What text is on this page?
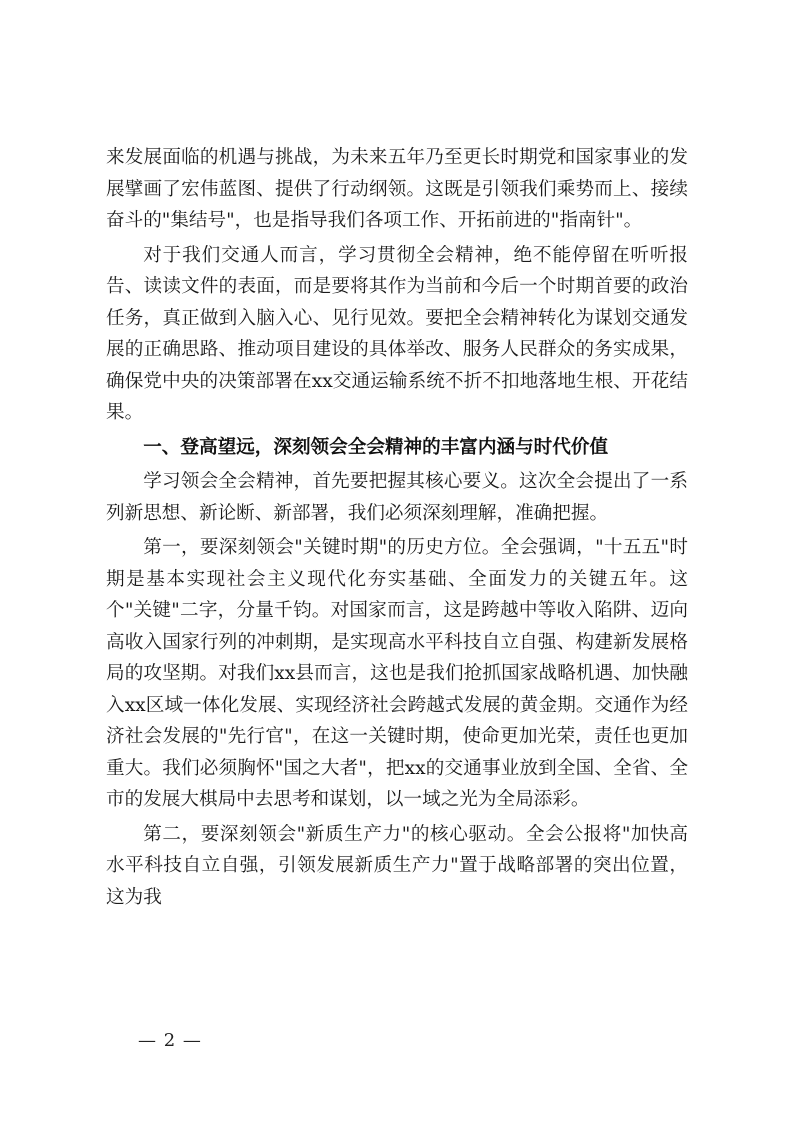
来发展面临的机遇与挑战，为未来五年乃至更长时期党和国家事业的发展擘画了宏伟蓝图、提供了行动纲领。这既是引领我们乘势而上、接续奋斗的"集结号"，也是指导我们各项工作、开拓前进的"指南针"。

对于我们交通人而言，学习贯彻全会精神，绝不能停留在听听报告、读读文件的表面，而是要将其作为当前和今后一个时期首要的政治任务，真正做到入脑入心、见行见效。要把全会精神转化为谋划交通发展的正确思路、推动项目建设的具体举改、服务人民群众的务实成果，确保党中央的决策部署在xx交通运输系统不折不扣地落地生根、开花结果。

一、登高望远，深刻领会全会精神的丰富内涵与时代价值

学习领会全会精神，首先要把握其核心要义。这次全会提出了一系列新思想、新论断、新部署，我们必须深刻理解，准确把握。

第一，要深刻领会"关键时期"的历史方位。全会强调，"十五五"时期是基本实现社会主义现代化夯实基础、全面发力的关键五年。这个"关键"二字，分量千钧。对国家而言，这是跨越中等收入陷阱、迈向高收入国家行列的冲刺期，是实现高水平科技自立自强、构建新发展格局的攻坚期。对我们xx县而言，这也是我们抢抓国家战略机遇、加快融入xx区域一体化发展、实现经济社会跨越式发展的黄金期。交通作为经济社会发展的"先行官"，在这一关键时期，使命更加光荣，责任也更加重大。我们必须胸怀"国之大者"，把xx的交通事业放到全国、全省、全市的发展大棋局中去思考和谋划，以一域之光为全局添彩。

第二，要深刻领会"新质生产力"的核心驱动。全会公报将"加快高水平科技自立自强，引领发展新质生产力"置于战略部署的突出位置，这为我

— 2 —
